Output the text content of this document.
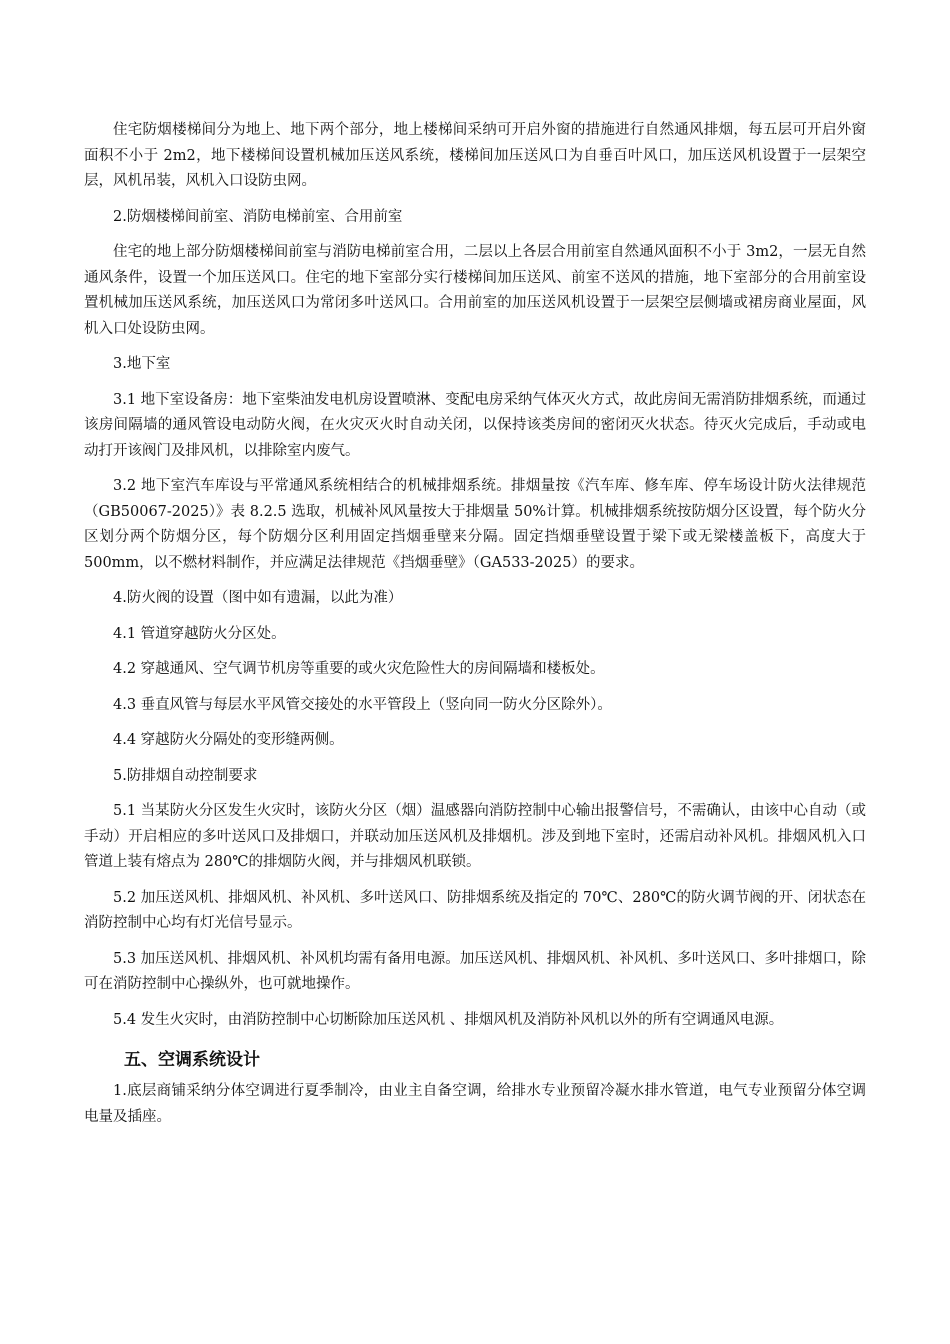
住宅防烟楼梯间分为地上、地下两个部分，地上楼梯间采纳可开启外窗的措施进行自然通风排烟，每五层可开启外窗面积不小于 2m2，地下楼梯间设置机械加压送风系统，楼梯间加压送风口为自垂百叶风口，加压送风机设置于一层架空层，风机吊装，风机入口设防虫网。

2.防烟楼梯间前室、消防电梯前室、合用前室

住宅的地上部分防烟楼梯间前室与消防电梯前室合用，二层以上各层合用前室自然通风面积不小于 3m2，一层无自然通风条件，设置一个加压送风口。住宅的地下室部分实行楼梯间加压送风、前室不送风的措施，地下室部分的合用前室设置机械加压送风系统，加压送风口为常闭多叶送风口。合用前室的加压送风机设置于一层架空层侧墙或裙房商业屋面，风机入口处设防虫网。

3.地下室

3.1 地下室设备房：地下室柴油发电机房设置喷淋、变配电房采纳气体灭火方式，故此房间无需消防排烟系统，而通过该房间隔墙的通风管设电动防火阀，在火灾灭火时自动关闭，以保持该类房间的密闭灭火状态。待灭火完成后，手动或电动打开该阀门及排风机，以排除室内废气。

3.2 地下室汽车库设与平常通风系统相结合的机械排烟系统。排烟量按《汽车库、修车库、停车场设计防火法律规范（GB50067-2025）》表 8.2.5 选取，机械补风风量按大于排烟量 50%计算。机械排烟系统按防烟分区设置，每个防火分区划分两个防烟分区，每个防烟分区利用固定挡烟垂壁来分隔。固定挡烟垂壁设置于梁下或无梁楼盖板下，高度大于 500mm，以不燃材料制作，并应满足法律规范《挡烟垂壁》（GA533-2025）的要求。

4.防火阀的设置（图中如有遗漏，以此为准）

4.1 管道穿越防火分区处。

4.2 穿越通风、空气调节机房等重要的或火灾危险性大的房间隔墙和楼板处。

4.3 垂直风管与每层水平风管交接处的水平管段上（竖向同一防火分区除外）。

4.4 穿越防火分隔处的变形缝两侧。

5.防排烟自动控制要求

5.1 当某防火分区发生火灾时，该防火分区（烟）温感器向消防控制中心输出报警信号，不需确认，由该中心自动（或手动）开启相应的多叶送风口及排烟口，并联动加压送风机及排烟机。涉及到地下室时，还需启动补风机。排烟风机入口管道上装有熔点为 280℃的排烟防火阀，并与排烟风机联锁。

5.2 加压送风机、排烟风机、补风机、多叶送风口、防排烟系统及指定的 70℃、280℃的防火调节阀的开、闭状态在消防控制中心均有灯光信号显示。

5.3 加压送风机、排烟风机、补风机均需有备用电源。加压送风机、排烟风机、补风机、多叶送风口、多叶排烟口，除可在消防控制中心操纵外，也可就地操作。

5.4 发生火灾时，由消防控制中心切断除加压送风机 、排烟风机及消防补风机以外的所有空调通风电源。

五、空调系统设计

1.底层商铺采纳分体空调进行夏季制冷，由业主自备空调，给排水专业预留冷凝水排水管道，电气专业预留分体空调电量及插座。
